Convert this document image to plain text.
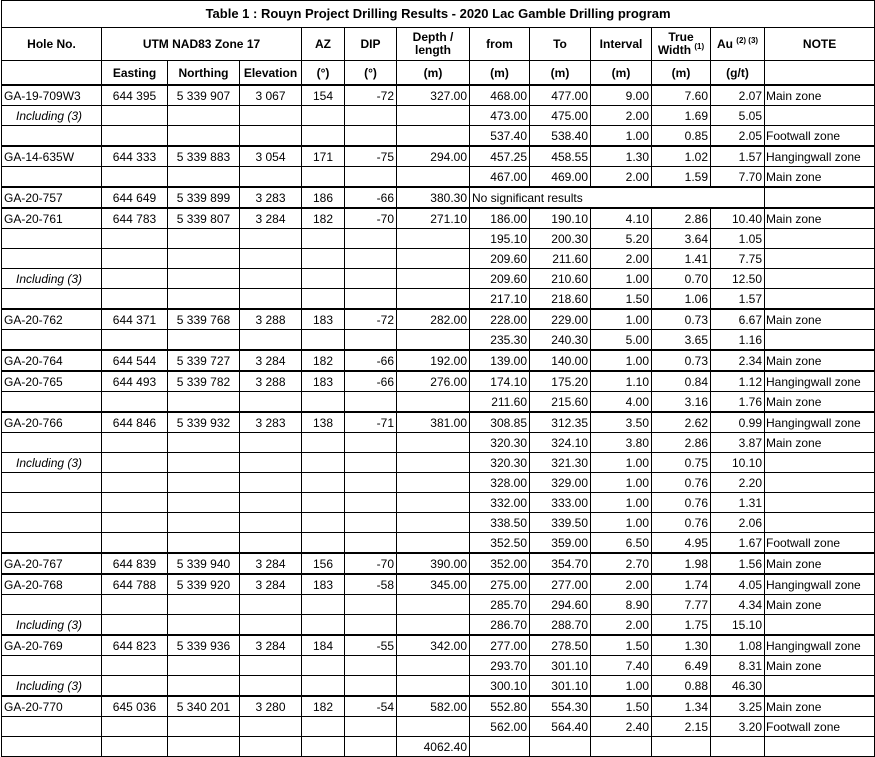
Table 1 : Rouyn Project Drilling Results - 2020 Lac Gamble Drilling program												
Hole No.	UTM NAD83 Zone 17			AZ	DIP	Depth / length	from	To	Interval	True Width $^{(1)}$	Au $^{(2) (3)}$	NOTE
	Easting	Northing	Elevation	(°)	(°)	(m)	(m)	(m)	(m)	(m)	(g/t)	
GA-19-709W3	644 395	5 339 907	3 067	154	-72	327.00	468.00	477.00	9.00	7.60	2.07	Main zone
Including (3)							473.00	475.00	2.00	1.69	5.05	
							537.40	538.40	1.00	0.85	2.05	Footwall zone
GA-14-635W	644 333	5 339 883	3 054	171	-75	294.00	457.25	458.55	1.30	1.02	1.57	Hangingwall zone
							467.00	469.00	2.00	1.59	7.70	Main zone
GA-20-757	644 649	5 339 899	3 283	186	-66	380.30	No significant results					
GA-20-761	644 783	5 339 807	3 284	182	-70	271.10	186.00	190.10	4.10	2.86	10.40	Main zone
							195.10	200.30	5.20	3.64	1.05	
							209.60	211.60	2.00	1.41	7.75	
Including (3)							209.60	210.60	1.00	0.70	12.50	
							217.10	218.60	1.50	1.06	1.57	
GA-20-762	644 371	5 339 768	3 288	183	-72	282.00	228.00	229.00	1.00	0.73	6.67	Main zone
							235.30	240.30	5.00	3.65	1.16	
GA-20-764	644 544	5 339 727	3 284	182	-66	192.00	139.00	140.00	1.00	0.73	2.34	Main zone
GA-20-765	644 493	5 339 782	3 288	183	-66	276.00	174.10	175.20	1.10	0.84	1.12	Hangingwall zone
							211.60	215.60	4.00	3.16	1.76	Main zone
GA-20-766	644 846	5 339 932	3 283	138	-71	381.00	308.85	312.35	3.50	2.62	0.99	Hangingwall zone
							320.30	324.10	3.80	2.86	3.87	Main zone
Including (3)							320.30	321.30	1.00	0.75	10.10	
							328.00	329.00	1.00	0.76	2.20	
							332.00	333.00	1.00	0.76	1.31	
							338.50	339.50	1.00	0.76	2.06	
							352.50	359.00	6.50	4.95	1.67	Footwall zone
GA-20-767	644 839	5 339 940	3 284	156	-70	390.00	352.00	354.70	2.70	1.98	1.56	Main zone
GA-20-768	644 788	5 339 920	3 284	183	-58	345.00	275.00	277.00	2.00	1.74	4.05	Hangingwall zone
							285.70	294.60	8.90	7.77	4.34	Main zone
Including (3)							286.70	288.70	2.00	1.75	15.10	
GA-20-769	644 823	5 339 936	3 284	184	-55	342.00	277.00	278.50	1.50	1.30	1.08	Hangingwall zone
							293.70	301.10	7.40	6.49	8.31	Main zone
Including (3)							300.10	301.10	1.00	0.88	46.30	
GA-20-770	645 036	5 340 201	3 280	182	-54	582.00	552.80	554.30	1.50	1.34	3.25	Main zone
							562.00	564.40	2.40	2.15	3.20	Footwall zone
						4062.40						
